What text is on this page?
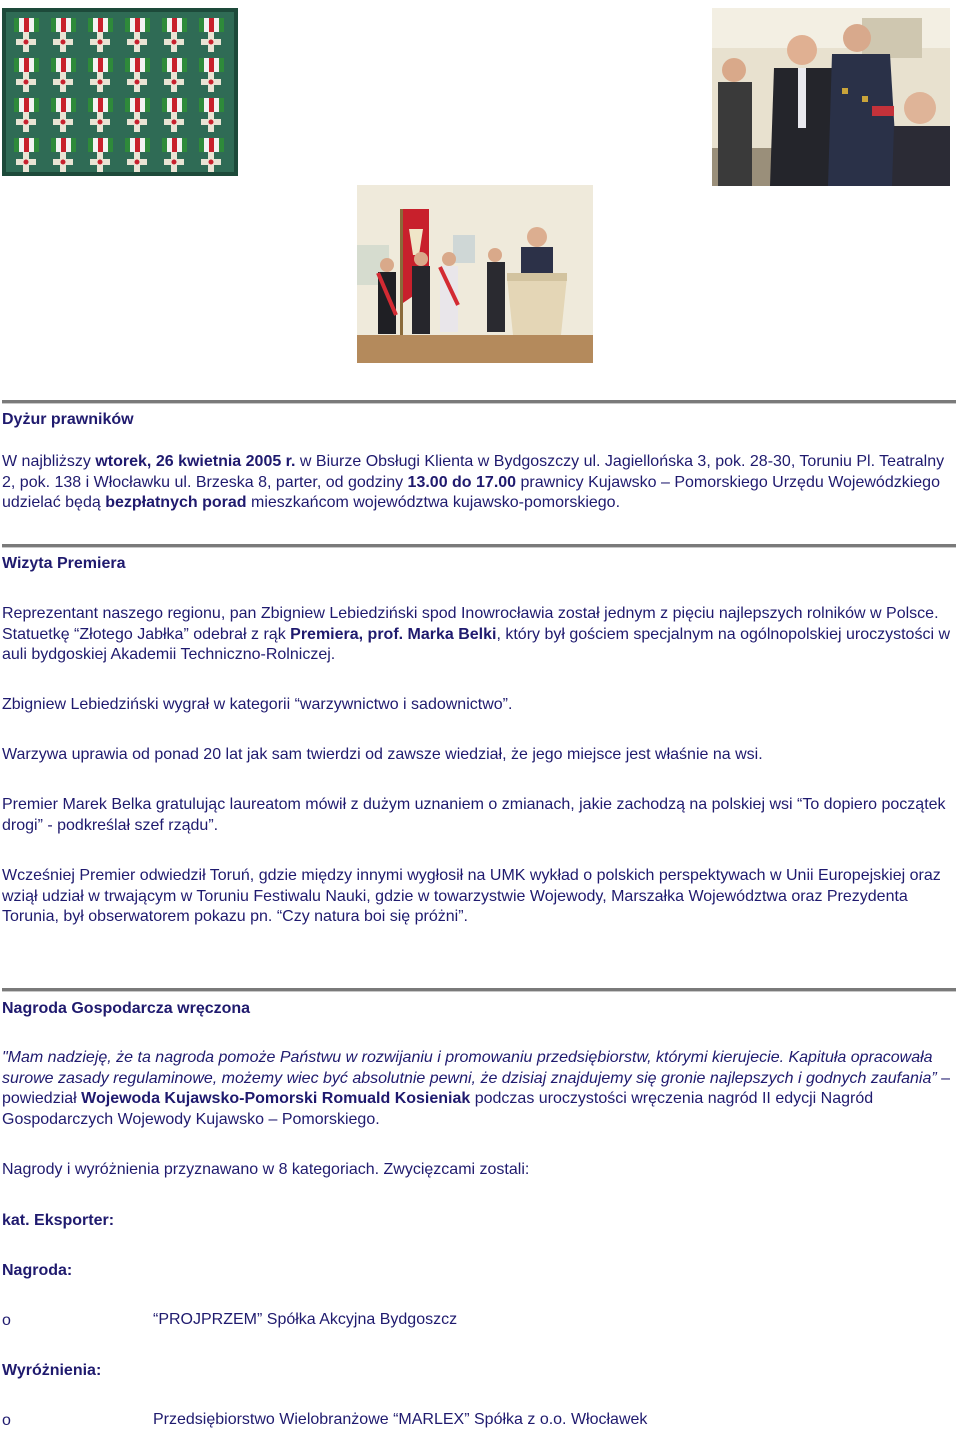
Dyżur prawników
W najbliższy wtorek, 26 kwietnia 2005 r. w Biurze Obsługi Klienta w Bydgoszczy ul. Jagiellońska 3, pok. 28-30, Toruniu Pl. Teatralny 2, pok. 138 i Włocławku ul. Brzeska 8, parter, od godziny 13.00 do 17.00 prawnicy Kujawsko – Pomorskiego Urzędu Wojewódzkiego udzielać będą bezpłatnych porad mieszkańcom województwa kujawsko-pomorskiego.
Wizyta Premiera
Reprezentant naszego regionu, pan Zbigniew Lebiedziński spod Inowrocławia został jednym z pięciu najlepszych rolników w Polsce. Statuetkę “Złotego Jabłka” odebrał z rąk Premiera, prof. Marka Belki, który był gościem specjalnym na ogólnopolskiej uroczystości w auli bydgoskiej Akademii Techniczno-Rolniczej.
Zbigniew Lebiedziński wygrał w kategorii “warzywnictwo i sadownictwo”.
Warzywa uprawia od ponad 20 lat jak sam twierdzi od zawsze wiedział, że jego miejsce jest właśnie na wsi.
Premier Marek Belka gratulując laureatom mówił z dużym uznaniem o zmianach, jakie zachodzą na polskiej wsi “To dopiero początek drogi” - podkreślał szef rządu”.
Wcześniej Premier odwiedził Toruń, gdzie między innymi wygłosił na UMK wykład o polskich perspektywach w Unii Europejskiej oraz wziął udział w trwającym w Toruniu Festiwalu Nauki, gdzie w towarzystwie Wojewody, Marszałka Województwa oraz Prezydenta Torunia, był obserwatorem pokazu pn. “Czy natura boi się próżni”.
Nagroda Gospodarcza wręczona
"Mam nadzieję, że ta nagroda pomoże Państwu w rozwijaniu i promowaniu przedsiębiorstw, którymi kierujecie. Kapituła opracowała surowe zasady regulaminowe, możemy wiec być absolutnie pewni, że dzisiaj znajdujemy się gronie najlepszych i godnych zaufania” – powiedział Wojewoda Kujawsko-Pomorski Romuald Kosieniak podczas uroczystości wręczenia nagród II edycji Nagród Gospodarczych Wojewody Kujawsko – Pomorskiego.
Nagrody i wyróżnienia przyznawano w 8 kategoriach. Zwycięzcami zostali:
kat. Eksporter:
Nagroda:
o	“PROJPRZEM” Spółka Akcyjna Bydgoszcz
Wyróżnienia:
o	Przedsiębiorstwo Wielobranżowe “MARLEX” Spółka z o.o. Włocławek
